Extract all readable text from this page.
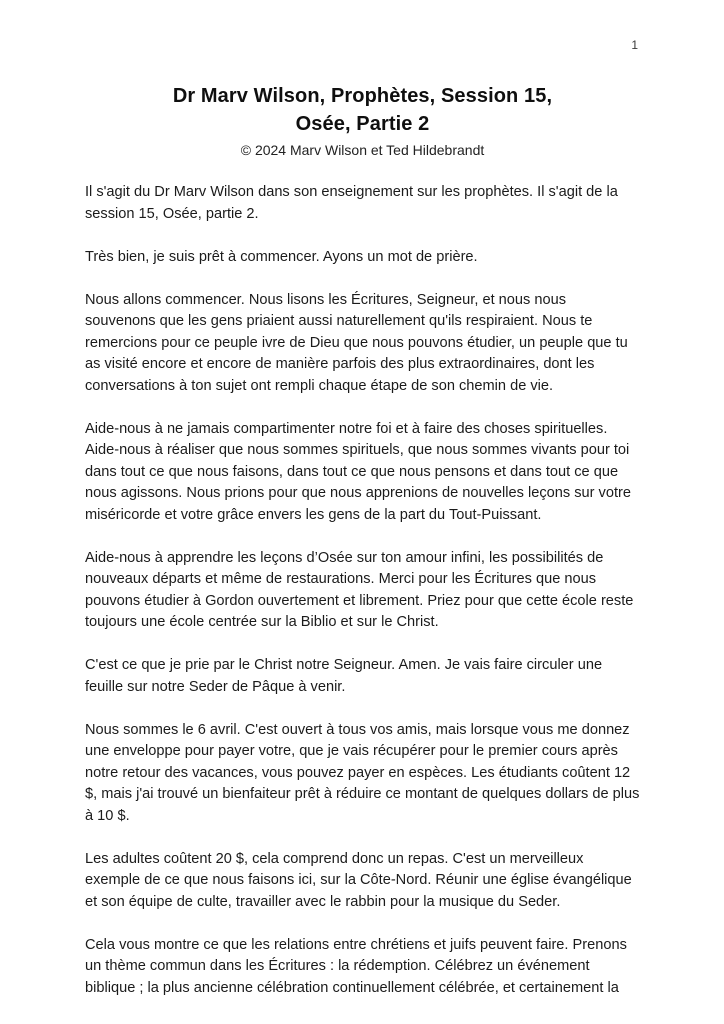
1
Dr Marv Wilson, Prophètes, Session 15,
Osée, Partie 2
© 2024 Marv Wilson et Ted Hildebrandt

Il s'agit du Dr Marv Wilson dans son enseignement sur les prophètes. Il s'agit de la session 15, Osée, partie 2.

Très bien, je suis prêt à commencer. Ayons un mot de prière.

Nous allons commencer. Nous lisons les Écritures, Seigneur, et nous nous souvenons que les gens priaient aussi naturellement qu'ils respiraient. Nous te remercions pour ce peuple ivre de Dieu que nous pouvons étudier, un peuple que tu as visité encore et encore de manière parfois des plus extraordinaires, dont les conversations à ton sujet ont rempli chaque étape de son chemin de vie.

Aide-nous à ne jamais compartimenter notre foi et à faire des choses spirituelles. Aide-nous à réaliser que nous sommes spirituels, que nous sommes vivants pour toi dans tout ce que nous faisons, dans tout ce que nous pensons et dans tout ce que nous agissons. Nous prions pour que nous apprenions de nouvelles leçons sur votre miséricorde et votre grâce envers les gens de la part du Tout-Puissant.

Aide-nous à apprendre les leçons d’Osée sur ton amour infini, les possibilités de nouveaux départs et même de restaurations. Merci pour les Écritures que nous pouvons étudier à Gordon ouvertement et librement. Priez pour que cette école reste toujours une école centrée sur la Biblio et sur le Christ.

C'est ce que je prie par le Christ notre Seigneur. Amen. Je vais faire circuler une feuille sur notre Seder de Pâque à venir.

Nous sommes le 6 avril. C'est ouvert à tous vos amis, mais lorsque vous me donnez une enveloppe pour payer votre, que je vais récupérer pour le premier cours après notre retour des vacances, vous pouvez payer en espèces. Les étudiants coûtent 12 $, mais j'ai trouvé un bienfaiteur prêt à réduire ce montant de quelques dollars de plus à 10 $.

Les adultes coûtent 20 $, cela comprend donc un repas. C'est un merveilleux exemple de ce que nous faisons ici, sur la Côte-Nord. Réunir une église évangélique et son équipe de culte, travailler avec le rabbin pour la musique du Seder.

Cela vous montre ce que les relations entre chrétiens et juifs peuvent faire. Prenons un thème commun dans les Écritures : la rédemption. Célébrez un événement biblique ; la plus ancienne célébration continuellement célébrée, et certainement la
